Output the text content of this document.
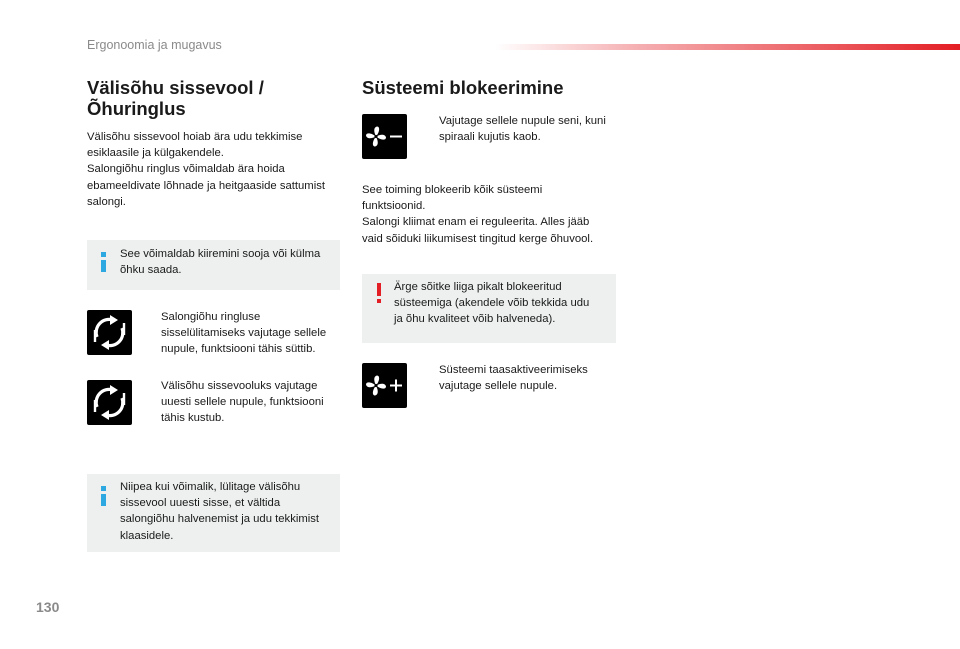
Ergonoomia ja mugavus

Välisõhu sissevool /

Õhuringlus

Välisõhu sissevool hoiab ära udu tekkimise

esiklaasile ja külgakendele.

Salongiõhu ringlus võimaldab ära hoida

ebameeldivate lõhnade ja heitgaaside sattumist

salongi.

See võimaldab kiiremini sooja või külma
õhku saada.
Salongiõhu ringluse
sisselülitamiseks vajutage sellele
nupule, funktsiooni tähis süttib.
Välisõhu sissevooluks vajutage
uuesti sellele nupule, funktsiooni
tähis kustub.
Niipea kui võimalik, lülitage välisõhu
sissevool uuesti sisse, et vältida
salongiõhu halvenemist ja udu tekkimist
klaasidele.

Süsteemi blokeerimine

Vajutage sellele nupule seni, kuni
spiraali kujutis kaob.

See toiming blokeerib kõik süsteemi

funktsioonid.

Salongi kliimat enam ei reguleerita. Alles jääb

vaid sõiduki liikumisest tingitud kerge õhuvool.

Ärge sõitke liiga pikalt blokeeritud
süsteemiga (akendele võib tekkida udu
ja õhu kvaliteet võib halveneda).
Süsteemi taasaktiveerimiseks
vajutage sellele nupule.
130
